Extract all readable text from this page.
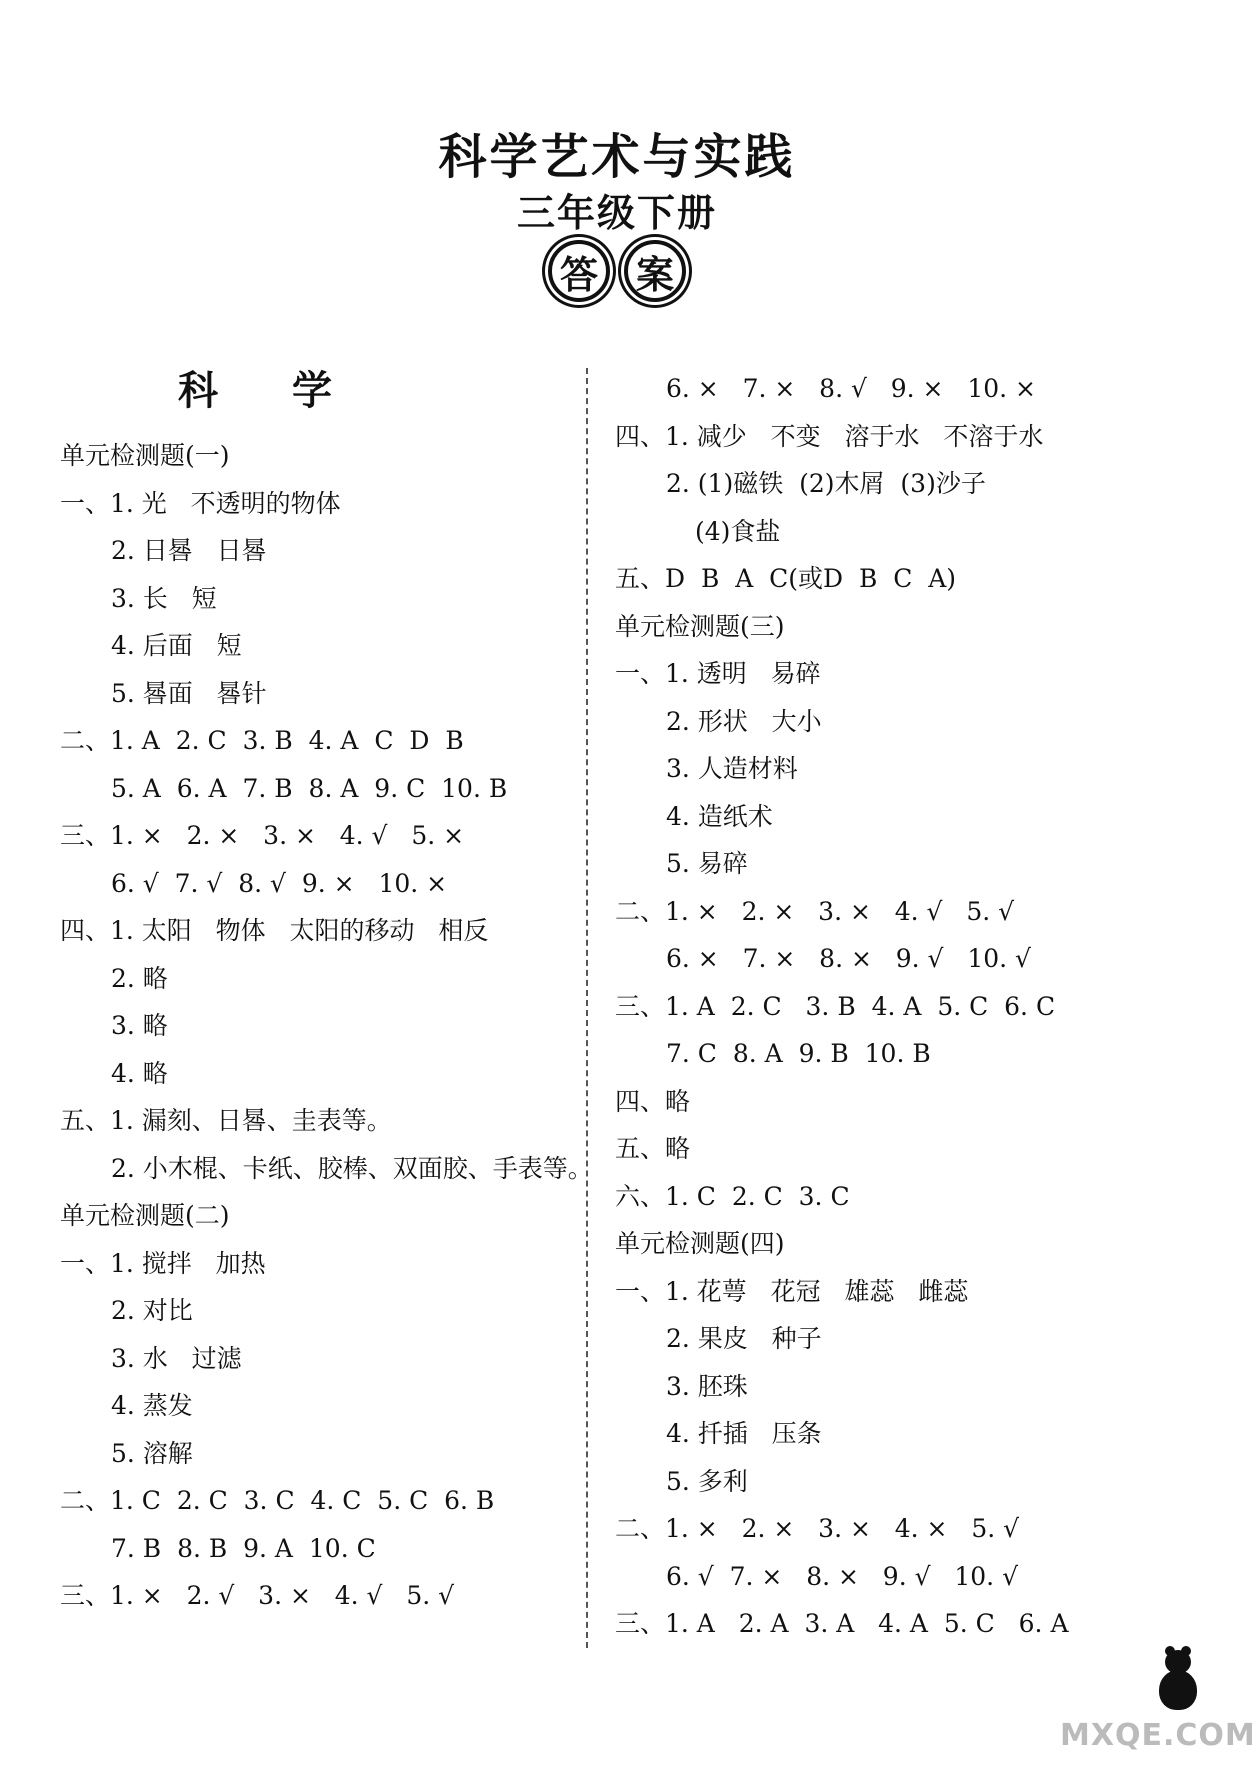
科学艺术与实践
三年级下册
答 案
科 学
单元检测题(一)
一、1. 光   不透明的物体
2. 日晷   日晷
3. 长   短
4. 后面   短
5. 晷面   晷针
二、1. A  2. C  3. B  4. A  C  D  B
5. A  6. A  7. B  8. A  9. C  10. B
三、1. ×   2. ×   3. ×   4. √   5. ×
6. √  7. √  8. √  9. ×   10. ×
四、1. 太阳   物体   太阳的移动   相反
2. 略
3. 略
4. 略
五、1. 漏刻、日晷、圭表等。
2. 小木棍、卡纸、胶棒、双面胶、手表等。
单元检测题(二)
一、1. 搅拌   加热
2. 对比
3. 水   过滤
4. 蒸发
5. 溶解
二、1. C  2. C  3. C  4. C  5. C  6. B
7. B  8. B  9. A  10. C
三、1. ×   2. √   3. ×   4. √   5. √
6. ×   7. ×   8. √   9. ×   10. ×
四、1. 减少   不变   溶于水   不溶于水
2. (1)磁铁  (2)木屑  (3)沙子
(4)食盐
五、D  B  A  C(或D  B  C  A)
单元检测题(三)
一、1. 透明   易碎
2. 形状   大小
3. 人造材料
4. 造纸术
5. 易碎
二、1. ×   2. ×   3. ×   4. √   5. √
6. ×   7. ×   8. ×   9. √   10. √
三、1. A  2. C   3. B  4. A  5. C  6. C
7. C  8. A  9. B  10. B
四、略
五、略
六、1. C  2. C  3. C
单元检测题(四)
一、1. 花萼   花冠   雄蕊   雌蕊
2. 果皮   种子
3. 胚珠
4. 扦插   压条
5. 多利
二、1. ×   2. ×   3. ×   4. ×   5. √
6. √  7. ×   8. ×   9. √   10. √
三、1. A   2. A  3. A   4. A  5. C   6. A
MXQE.COM
